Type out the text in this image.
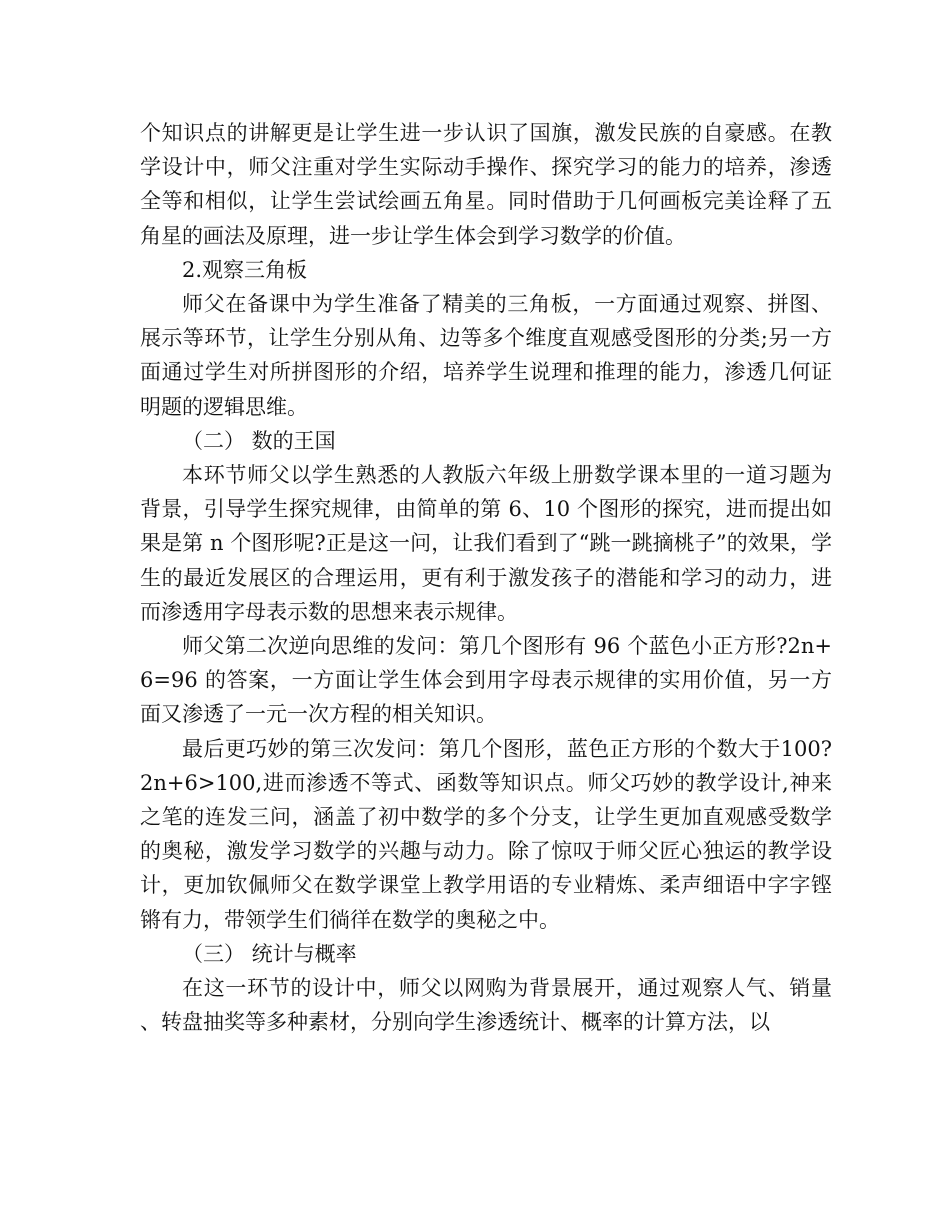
个知识点的讲解更是让学生进一步认识了国旗，激发民族的自豪感。在教学设计中，师父注重对学生实际动手操作、探究学习的能力的培养，渗透全等和相似，让学生尝试绘画五角星。同时借助于几何画板完美诠释了五角星的画法及原理，进一步让学生体会到学习数学的价值。

2.观察三角板

师父在备课中为学生准备了精美的三角板，一方面通过观察、拼图、展示等环节，让学生分别从角、边等多个维度直观感受图形的分类;另一方面通过学生对所拼图形的介绍，培养学生说理和推理的能力，渗透几何证明题的逻辑思维。

（二） 数的王国

本环节师父以学生熟悉的人教版六年级上册数学课本里的一道习题为背景，引导学生探究规律，由简单的第 6、10 个图形的探究，进而提出如果是第 n 个图形呢?正是这一问，让我们看到了“跳一跳摘桃子”的效果，学生的最近发展区的合理运用，更有利于激发孩子的潜能和学习的动力，进而渗透用字母表示数的思想来表示规律。

师父第二次逆向思维的发问：第几个图形有 96 个蓝色小正方形?2n+6=96 的答案，一方面让学生体会到用字母表示规律的实用价值，另一方面又渗透了一元一次方程的相关知识。

最后更巧妙的第三次发问：第几个图形，蓝色正方形的个数大于100?2n+6>100,进而渗透不等式、函数等知识点。师父巧妙的教学设计,神来之笔的连发三问，涵盖了初中数学的多个分支，让学生更加直观感受数学的奥秘，激发学习数学的兴趣与动力。除了惊叹于师父匠心独运的教学设计，更加钦佩师父在数学课堂上教学用语的专业精炼、柔声细语中字字铿锵有力，带领学生们徜徉在数学的奥秘之中。

（三） 统计与概率

在这一环节的设计中，师父以网购为背景展开，通过观察人气、销量、转盘抽奖等多种素材，分别向学生渗透统计、概率的计算方法，以
